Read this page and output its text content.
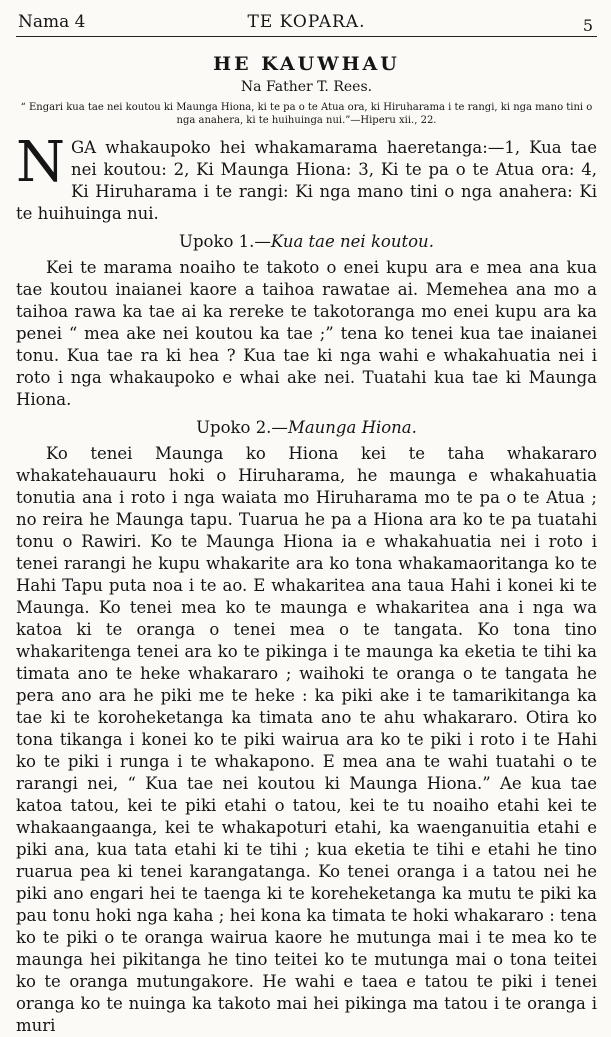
Nama 4	TE KOPARA.	5
HE KAUWHAU
Na Father T. Rees.
“ Engari kua tae nei koutou ki Maunga Hiona, ki te pa o te Atua ora, ki Hiruharama i te rangi, ki nga mano tini o nga anahera, ki te huihuinga nui.”—Hiperu xii., 22.

NGA whakaupoko hei whakamarama haeretanga:—1, Kua tae nei koutou: 2, Ki Maunga Hiona: 3, Ki te pa o te Atua ora: 4, Ki Hiruharama i te rangi: Ki nga mano tini o nga anahera: Ki te huihuinga nui.

Upoko 1.—Kua tae nei koutou.

Kei te marama noaiho te takoto o enei kupu ara e mea ana kua tae koutou inaianei kaore a taihoa rawatae ai. Memehea ana mo a taihoa rawa ka tae ai ka rereke te takotoranga mo enei kupu ara ka penei “ mea ake nei koutou ka tae ;” tena ko tenei kua tae inaianei tonu. Kua tae ra ki hea ? Kua tae ki nga wahi e whakahuatia nei i roto i nga whakaupoko e whai ake nei. Tuatahi kua tae ki Maunga Hiona.

Upoko 2.—Maunga Hiona.

Ko tenei Maunga ko Hiona kei te taha whakararo whakatehauauru hoki o Hiruharama, he maunga e whakahuatia tonutia ana i roto i nga waiata mo Hiruharama mo te pa o te Atua ; no reira he Maunga tapu. Tuarua he pa a Hiona ara ko te pa tuatahi tonu o Rawiri. Ko te Maunga Hiona ia e whakahuatia nei i roto i tenei rarangi he kupu whakarite ara ko tona whakamaoritanga ko te Hahi Tapu puta noa i te ao. E whakaritea ana taua Hahi i konei ki te Maunga. Ko tenei mea ko te maunga e whakaritea ana i nga wa katoa ki te oranga o tenei mea o te tangata. Ko tona tino whakaritenga tenei ara ko te pikinga i te maunga ka eketia te tihi ka timata ano te heke whakararo ; waihoki te oranga o te tangata he pera ano ara he piki me te heke : ka piki ake i te tamarikitanga ka tae ki te koroheketanga ka timata ano te ahu whakararo. Otira ko tona tikanga i konei ko te piki wairua ara ko te piki i roto i te Hahi ko te piki i runga i te whakapono. E mea ana te wahi tuatahi o te rarangi nei, “ Kua tae nei koutou ki Maunga Hiona.” Ae kua tae katoa tatou, kei te piki etahi o tatou, kei te tu noaiho etahi kei te whakaangaanga, kei te whakapoturi etahi, ka waenganuitia etahi e piki ana, kua tata etahi ki te tihi ; kua eketia te tihi e etahi he tino ruarua pea ki tenei karangatanga. Ko tenei oranga i a tatou nei he piki ano engari hei te taenga ki te koreheketanga ka mutu te piki ka pau tonu hoki nga kaha ; hei kona ka timata te hoki whakararo : tena ko te piki o te oranga wairua kaore he mutunga mai i te mea ko te maunga hei pikitanga he tino teitei ko te mutunga mai o tona teitei ko te oranga mutungakore. He wahi e taea e tatou te piki i tenei oranga ko te nuinga ka takoto mai hei pikinga ma tatou i te oranga i muri
